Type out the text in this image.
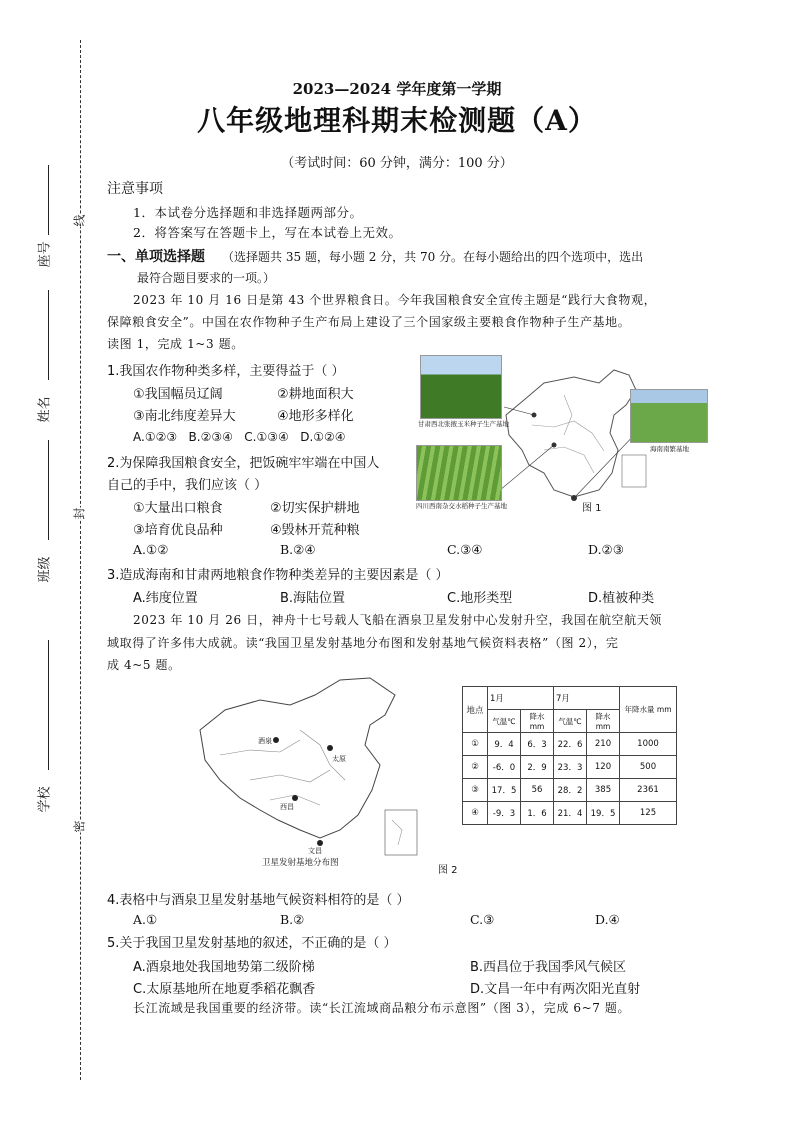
座号
姓名
班级
学校
线
封
密
2023—2024 学年度第一学期
八年级地理科期末检测题（A）
（考试时间：60 分钟，满分：100 分）
注意事项
1．本试卷分选择题和非选择题两部分。
2．将答案写在答题卡上，写在本试卷上无效。
一、单项选择题 （选择题共 35 题，每小题 2 分，共 70 分。在每小题给出的四个选项中，选出
最符合题目要求的一项。）
2023 年 10 月 16 日是第 43 个世界粮食日。今年我国粮食安全宣传主题是“践行大食物观，
保障粮食安全”。中国在农作物种子生产布局上建设了三个国家级主要粮食作物种子生产基地。
读图 1，完成 1~3 题。
1.我国农作物种类多样，主要得益于（ ）
①我国幅员辽阔	②耕地面积大
③南北纬度差异大	④地形多样化
A.①②③   B.②③④   C.①③④   D.①②④
2.为保障我国粮食安全，把饭碗牢牢端在中国人
自己的手中，我们应该（ ）
①大量出口粮食	②切实保护耕地
③培育优良品种	④毁林开荒种粮
A.①②	B.②④	C.③④	D.②③
甘肃西北张掖玉米种子生产基地
海南南繁基地
四川西南杂交水稻种子生产基地	图 1
3.造成海南和甘肃两地粮食作物种类差异的主要因素是（ ）
A.纬度位置	B.海陆位置	C.地形类型	D.植被种类
2023 年 10 月 26 日，神舟十七号载人飞船在酒泉卫星发射中心发射升空，我国在航空航天领
域取得了许多伟大成就。读“我国卫星发射基地分布图和发射基地气候资料表格”（图 2），完
成 4~5 题。
酒泉
太原
西昌
文昌
卫星发射基地分布图
地点	1月		7月		年降水量 mm
	气温℃	降水 mm	气温℃	降水 mm	
①	9．4	6．3	22．6	210	1000
②	-6．0	2．9	23．3	120	500
③	17．5	56	28．2	385	2361
④	-9．3	1．6	21．4	19．5	125
图 2
4.表格中与酒泉卫星发射基地气候资料相符的是（ ）
A.①	B.②	C.③	D.④
5.关于我国卫星发射基地的叙述，不正确的是（ ）
A.酒泉地处我国地势第二级阶梯	B.西昌位于我国季风气候区
C.太原基地所在地夏季稻花飘香	D.文昌一年中有两次阳光直射
长江流域是我国重要的经济带。读“长江流域商品粮分布示意图”（图 3），完成 6~7 题。
